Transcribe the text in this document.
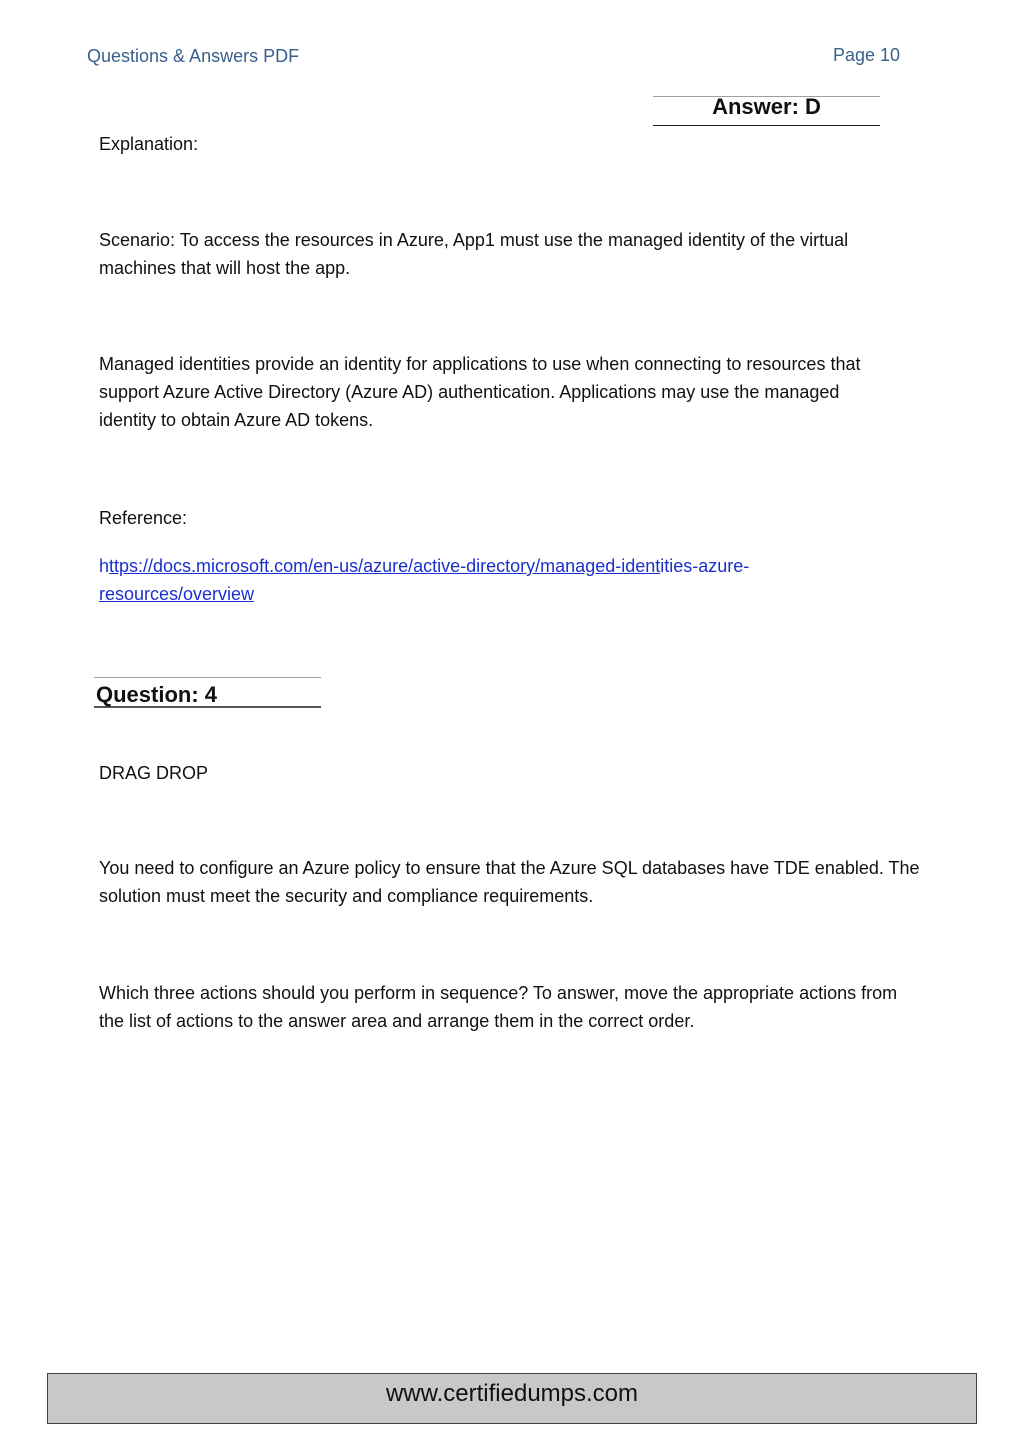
Questions & Answers PDF	Page 10
Answer: D
Explanation:
Scenario: To access the resources in Azure, App1 must use the managed identity of the virtual
machines that will host the app.
Managed identities provide an identity for applications to use when connecting to resources that
support Azure Active Directory (Azure AD) authentication. Applications may use the managed
identity to obtain Azure AD tokens.
Reference:
https://docs.microsoft.com/en-us/azure/active-directory/managed-identities-azure-
resources/overview
Question: 4
DRAG DROP
You need to configure an Azure policy to ensure that the Azure SQL databases have TDE enabled. The
solution must meet the security and compliance requirements.
Which three actions should you perform in sequence? To answer, move the appropriate actions from
the list of actions to the answer area and arrange them in the correct order.
www.certifiedumps.com
